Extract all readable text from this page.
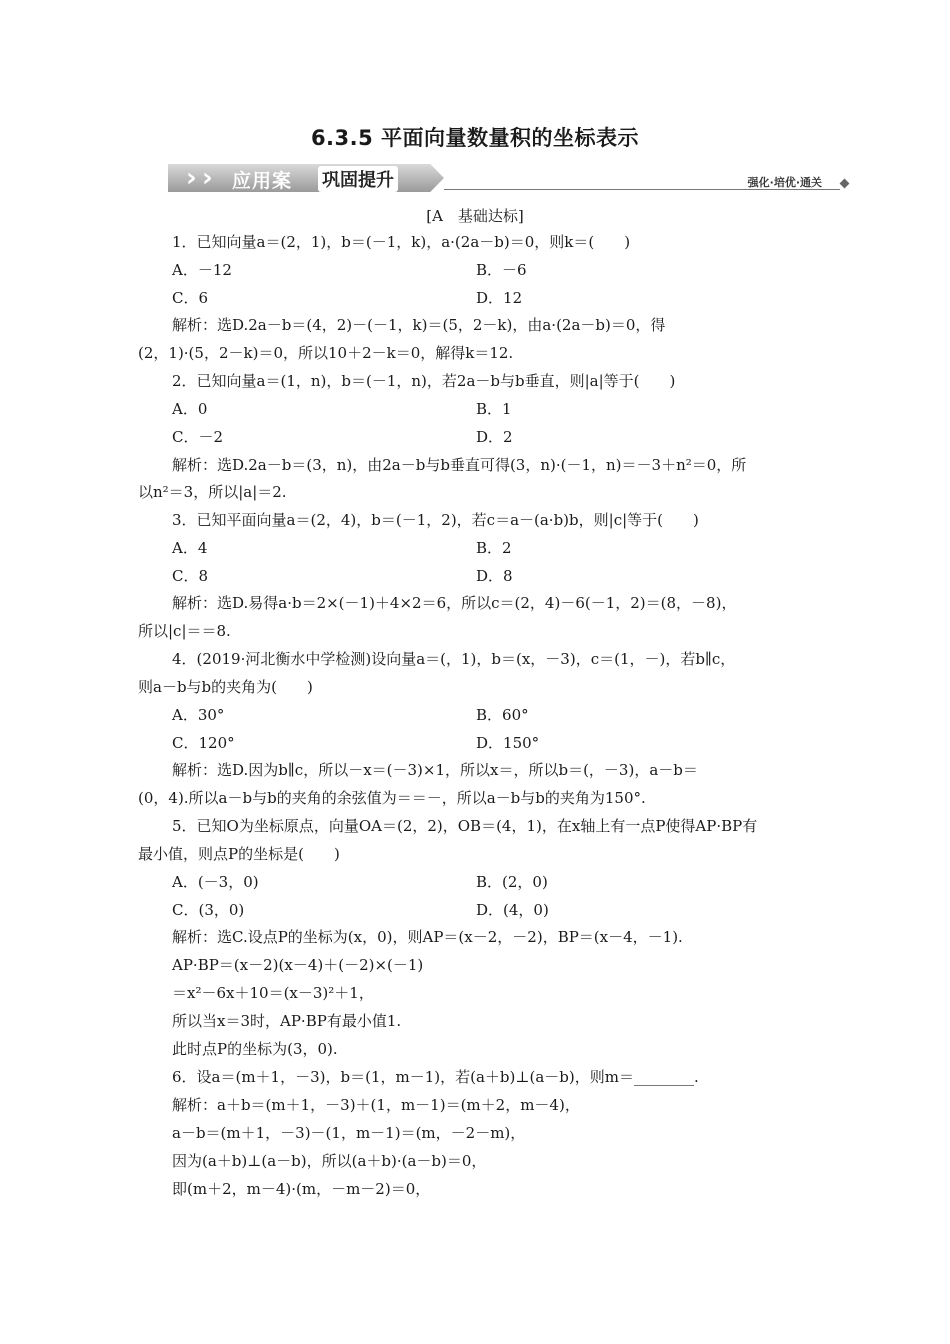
6.3.5 平面向量数量积的坐标表示
› › 应用案 巩固提升	强化·培优·通关
[A　基础达标]
1．已知向量a＝(2，1)，b＝(－1，k)，a·(2a－b)＝0，则k＝(　　)
解析：选D.2a－b＝(4，2)－(－1，k)＝(5，2－k)，由a·(2a－b)＝0，得
(2，1)·(5，2－k)＝0，所以10＋2－k＝0，解得k＝12.
2．已知向量a＝(1，n)，b＝(－1，n)，若2a－b与b垂直，则|a|等于(　　)
解析：选D.2a－b＝(3，n)，由2a－b与b垂直可得(3，n)·(－1，n)＝－3＋n²＝0，所
以n²＝3，所以|a|＝2.
3．已知平面向量a＝(2，4)，b＝(－1，2)，若c＝a－(a·b)b，则|c|等于(　　)
解析：选D.易得a·b＝2×(－1)＋4×2＝6，所以c＝(2，4)－6(－1，2)＝(8，－8)，
所以|c|＝＝8.
4．(2019·河北衡水中学检测)设向量a＝(，1)，b＝(x，－3)，c＝(1，－)，若b∥c，
则a－b与b的夹角为(　　)
解析：选D.因为b∥c，所以－x＝(－3)×1，所以x＝，所以b＝(，－3)，a－b＝
(0，4).所以a－b与b的夹角的余弦值为＝＝－，所以a－b与b的夹角为150°.
5．已知O为坐标原点，向量OA＝(2，2)，OB＝(4，1)，在x轴上有一点P使得AP·BP有
最小值，则点P的坐标是(　　)
解析：选C.设点P的坐标为(x，0)，则AP＝(x－2，－2)，BP＝(x－4，－1).
AP·BP＝(x－2)(x－4)＋(－2)×(－1)
＝x²－6x＋10＝(x－3)²＋1，
所以当x＝3时，AP·BP有最小值1.
此时点P的坐标为(3，0).
6．设a＝(m＋1，－3)，b＝(1，m－1)，若(a＋b)⊥(a－b)，则m＝________.
解析：a＋b＝(m＋1，－3)＋(1，m－1)＝(m＋2，m－4)，
a－b＝(m＋1，－3)－(1，m－1)＝(m，－2－m)，
因为(a＋b)⊥(a－b)，所以(a＋b)·(a－b)＝0，
即(m＋2，m－4)·(m，－m－2)＝0，
A．－12	B．－6
C．6	D．12
A．0	B．1
C．－2	D．2
A．4	B．2
C．8	D．8
A．30°	B．60°
C．120°	D．150°
A．(－3，0)	B．(2，0)
C．(3，0)	D．(4，0)
